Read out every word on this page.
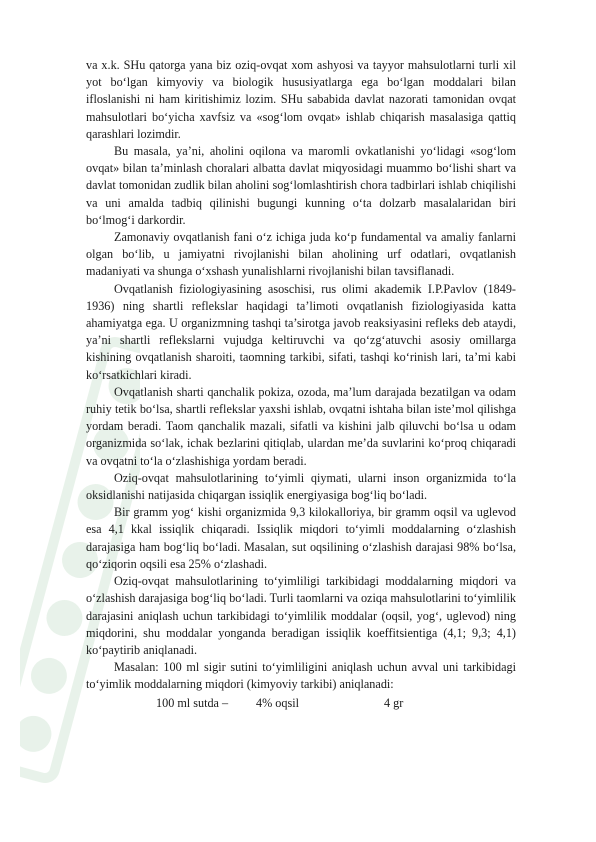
va x.k. SHu qatorga yana biz oziq-ovqat xom ashyosi va tayyor mahsulotlarni turli xil yot bo‘lgan kimyoviy va biologik hususiyatlarga ega bo‘lgan moddalari bilan ifloslanishi ni ham kiritishimiz lozim. SHu sababida davlat nazorati tamonidan ovqat mahsulotlari bo‘yicha xavfsiz va «sog‘lom ovqat» ishlab chiqarish masalasiga qattiq qarashlari lozimdir.

Bu masala, ya’ni, aholini oqilona va maromli ovkatlanishi yo‘lidagi «sog‘lom ovqat» bilan ta’minlash choralari albatta davlat miqyosidagi muammo bo‘lishi shart va davlat tomonidan zudlik bilan aholini sog‘lomlashtirish chora tadbirlari ishlab chiqilishi va uni amalda tadbiq qilinishi bugungi kunning o‘ta dolzarb masalalaridan biri bo‘lmog‘i darkordir.

Zamonaviy ovqatlanish fani o‘z ichiga juda ko‘p fundamental va amaliy fanlarni olgan bo‘lib, u jamiyatni rivojlanishi bilan aholining urf odatlari, ovqatlanish madaniyati va shunga o‘xshash yunalishlarni rivojlanishi bilan tavsiflanadi.

Ovqatlanish fiziologiyasining asoschisi, rus olimi akademik I.P.Pavlov (1849-1936) ning shartli reflekslar haqidagi ta’limoti ovqatlanish fiziologiyasida katta ahamiyatga ega. U organizmning tashqi ta’sirotga javob reaksiyasini refleks deb ataydi, ya’ni shartli reflekslarni vujudga keltiruvchi va qo‘zg‘atuvchi asosiy omillarga kishining ovqatlanish sharoiti, taomning tarkibi, sifati, tashqi ko‘rinish lari, ta’mi kabi ko‘rsatkichlari kiradi.

Ovqatlanish sharti qanchalik pokiza, ozoda, ma’lum darajada bezatilgan va odam ruhiy tetik bo‘lsa, shartli reflekslar yaxshi ishlab, ovqatni ishtaha bilan iste’mol qilishga yordam beradi. Taom qanchalik mazali, sifatli va kishini jalb qiluvchi bo‘lsa u odam organizmida so‘lak, ichak bezlarini qitiqlab, ulardan me’da suvlarini ko‘proq chiqaradi va ovqatni to‘la o‘zlashishiga yordam beradi.

Oziq-ovqat mahsulotlarining to‘yimli qiymati, ularni inson organizmida to‘la oksidlanishi natijasida chiqargan issiqlik energiyasiga bog‘liq bo‘ladi.

Bir gramm yog‘ kishi organizmida 9,3 kilokalloriya, bir gramm oqsil va uglevod esa 4,1 kkal issiqlik chiqaradi. Issiqlik miqdori to‘yimli moddalarning o‘zlashish darajasiga ham bog‘liq bo‘ladi. Masalan, sut oqsilining o‘zlashish darajasi 98% bo‘lsa, qo‘ziqorin oqsili esa 25% o‘zlashadi.

Oziq-ovqat mahsulotlarining to‘yimliligi tarkibidagi moddalarning miqdori va o‘zlashish darajasiga bog‘liq bo‘ladi. Turli taomlarni va oziqa mahsulotlarini to‘yimlilik darajasini aniqlash uchun tarkibidagi to‘yimlilik moddalar (oqsil, yog‘, uglevod) ning miqdorini, shu moddalar yonganda beradigan issiqlik koeffitsientiga (4,1; 9,3; 4,1) ko‘paytirib aniqlanadi.

Masalan: 100 ml sigir sutini to‘yimliligini aniqlash uchun avval uni tarkibidagi to‘yimlik moddalarning miqdori (kimyoviy tarkibi) aniqlanadi:

100 ml sutda – 4% oqsil	4 gr
